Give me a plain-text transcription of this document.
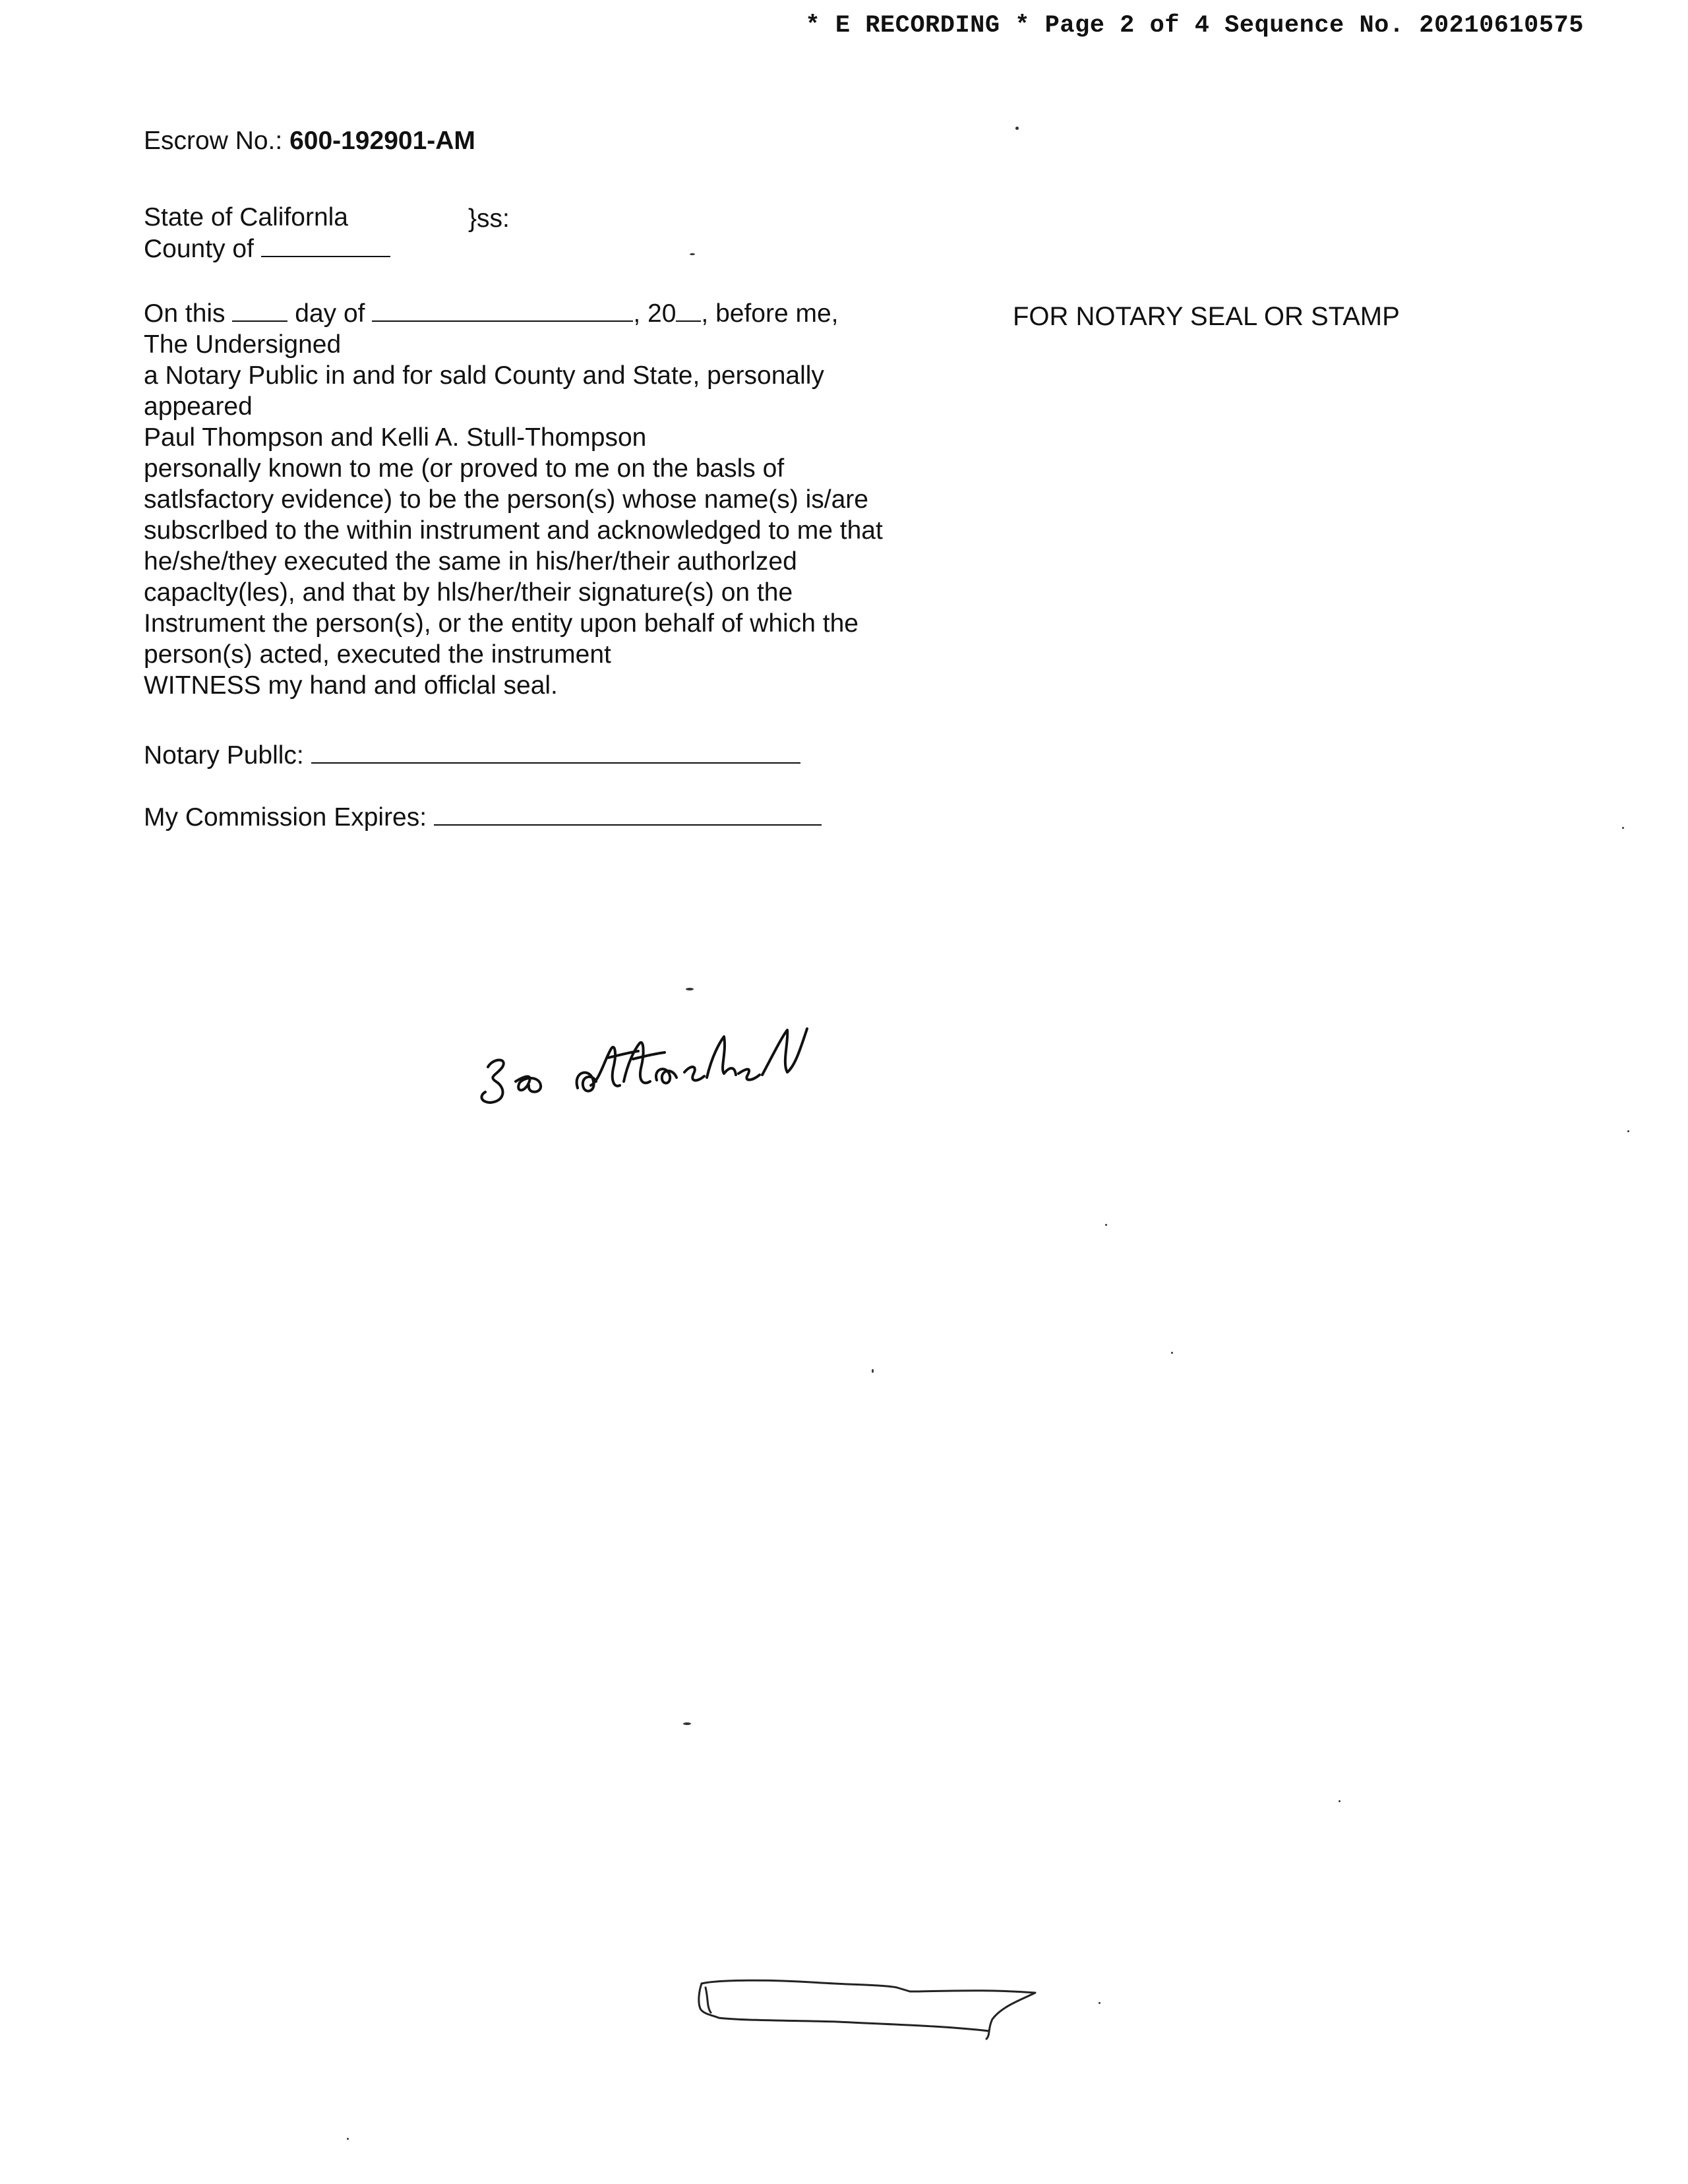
* E RECORDING * Page 2 of 4 Sequence No. 20210610575
Escrow No.: 600-192901-AM
State of Californla	}ss:
County of

On this	day of	, 20 , before me,

The Undersigned

a Notary Public in and for sald County and State, personally

appeared

Paul Thompson and Kelli A. Stull-Thompson

personally known to me (or proved to me on the basls of

satlsfactory evidence) to be the person(s) whose name(s) is/are

subscrlbed to the within instrument and acknowledged to me that

he/she/they executed the same in his/her/their authorlzed

capaclty(les), and that by hls/her/their signature(s) on the

Instrument the person(s), or the entity upon behalf of which the

person(s) acted, executed the instrument

WITNESS my hand and officlal seal.

FOR NOTARY SEAL OR STAMP
Notary Publlc:
My Commission Expires:
